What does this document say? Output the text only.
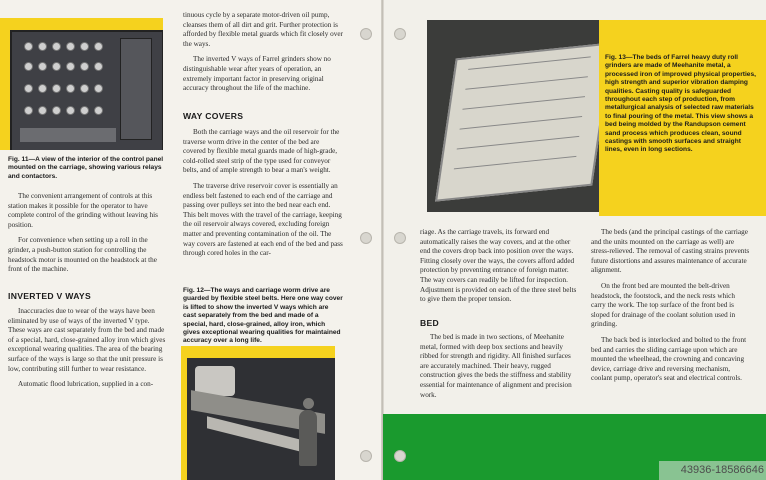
Fig. 11—A view of the interior of the control panel mounted on the carriage, showing various relays and contactors.

The convenient arrangement of controls at this station makes it possible for the operator to have complete control of the grinding without leaving his position.

For convenience when setting up a roll in the grinder, a push-button station for controlling the headstock motor is mounted on the headstock at the front of the machine.

INVERTED V WAYS

Inaccuracies due to wear of the ways have been eliminated by use of ways of the inverted V type. These ways are cast separately from the bed and made of a special, hard, close-grained alloy iron which gives exceptional wearing qualities. The area of the bearing surface of the ways is large so that the unit pressure is low, contributing still further to wear resistance.

Automatic flood lubrication, supplied in a con-

tinuous cycle by a separate motor-driven oil pump, cleanses them of all dirt and grit. Further protection is afforded by flexible metal guards which fit closely over the ways.

The inverted V ways of Farrel grinders show no distinguishable wear after years of operation, an extremely important factor in preserving original accuracy throughout the life of the machine.

WAY COVERS

Both the carriage ways and the oil reservoir for the traverse worm drive in the center of the bed are covered by flexible metal guards made of high-grade, cold-rolled steel strip of the type used for conveyor belts, and of ample strength to bear a man's weight.

The traverse drive reservoir cover is essentially an endless belt fastened to each end of the carriage and passing over pulleys set into the bed near each end. This belt moves with the travel of the carriage, keeping the oil reservoir always covered, excluding foreign matter and preventing contamination of the oil. The way covers are fastened at each end of the bed and pass through cored holes in the car-

Fig. 12—The ways and carriage worm drive are guarded by flexible steel belts. Here one way cover is lifted to show the inverted V ways which are cast separately from the bed and made of a special, hard, close-grained, alloy iron, which gives exceptional wearing qualities for maintained accuracy over a long life.
Fig. 13—The beds of Farrel heavy duty roll grinders are made of Meehanite metal, a processed iron of improved physical properties, high strength and superior vibration damping qualities. Casting quality is safeguarded throughout each step of production, from metallurgical analysis of selected raw materials to final pouring of the metal. This view shows a bed being molded by the Randupson cement sand process which produces clean, sound castings with smooth surfaces and straight lines, even in long sections.

riage. As the carriage travels, its forward end automatically raises the way covers, and at the other end the covers drop back into position over the ways. Fitting closely over the ways, the covers afford added protection by preventing entrance of foreign matter. The way covers can readily be lifted for inspection. Adjustment is provided on each of the three steel belts to give them the proper tension.

BED

The bed is made in two sections, of Meehanite metal, formed with deep box sections and heavily ribbed for strength and rigidity. All finished surfaces are accurately machined. Their heavy, rugged construction gives the beds the stiffness and stability essential for maintenance of alignment and precision work.

The beds (and the principal castings of the carriage and the units mounted on the carriage as well) are stress-relieved. The removal of casting strains prevents future distortions and assures maintenance of accurate alignment.

On the front bed are mounted the belt-driven headstock, the footstock, and the neck rests which carry the work. The top surface of the front bed is sloped for drainage of the coolant solution used in grinding.

The back bed is interlocked and bolted to the front bed and carries the sliding carriage upon which are mounted the wheelhead, the crowning and concaving device, carriage drive and reversing mechanism, coolant pump, operator's seat and electrical controls.

43936-18586646
